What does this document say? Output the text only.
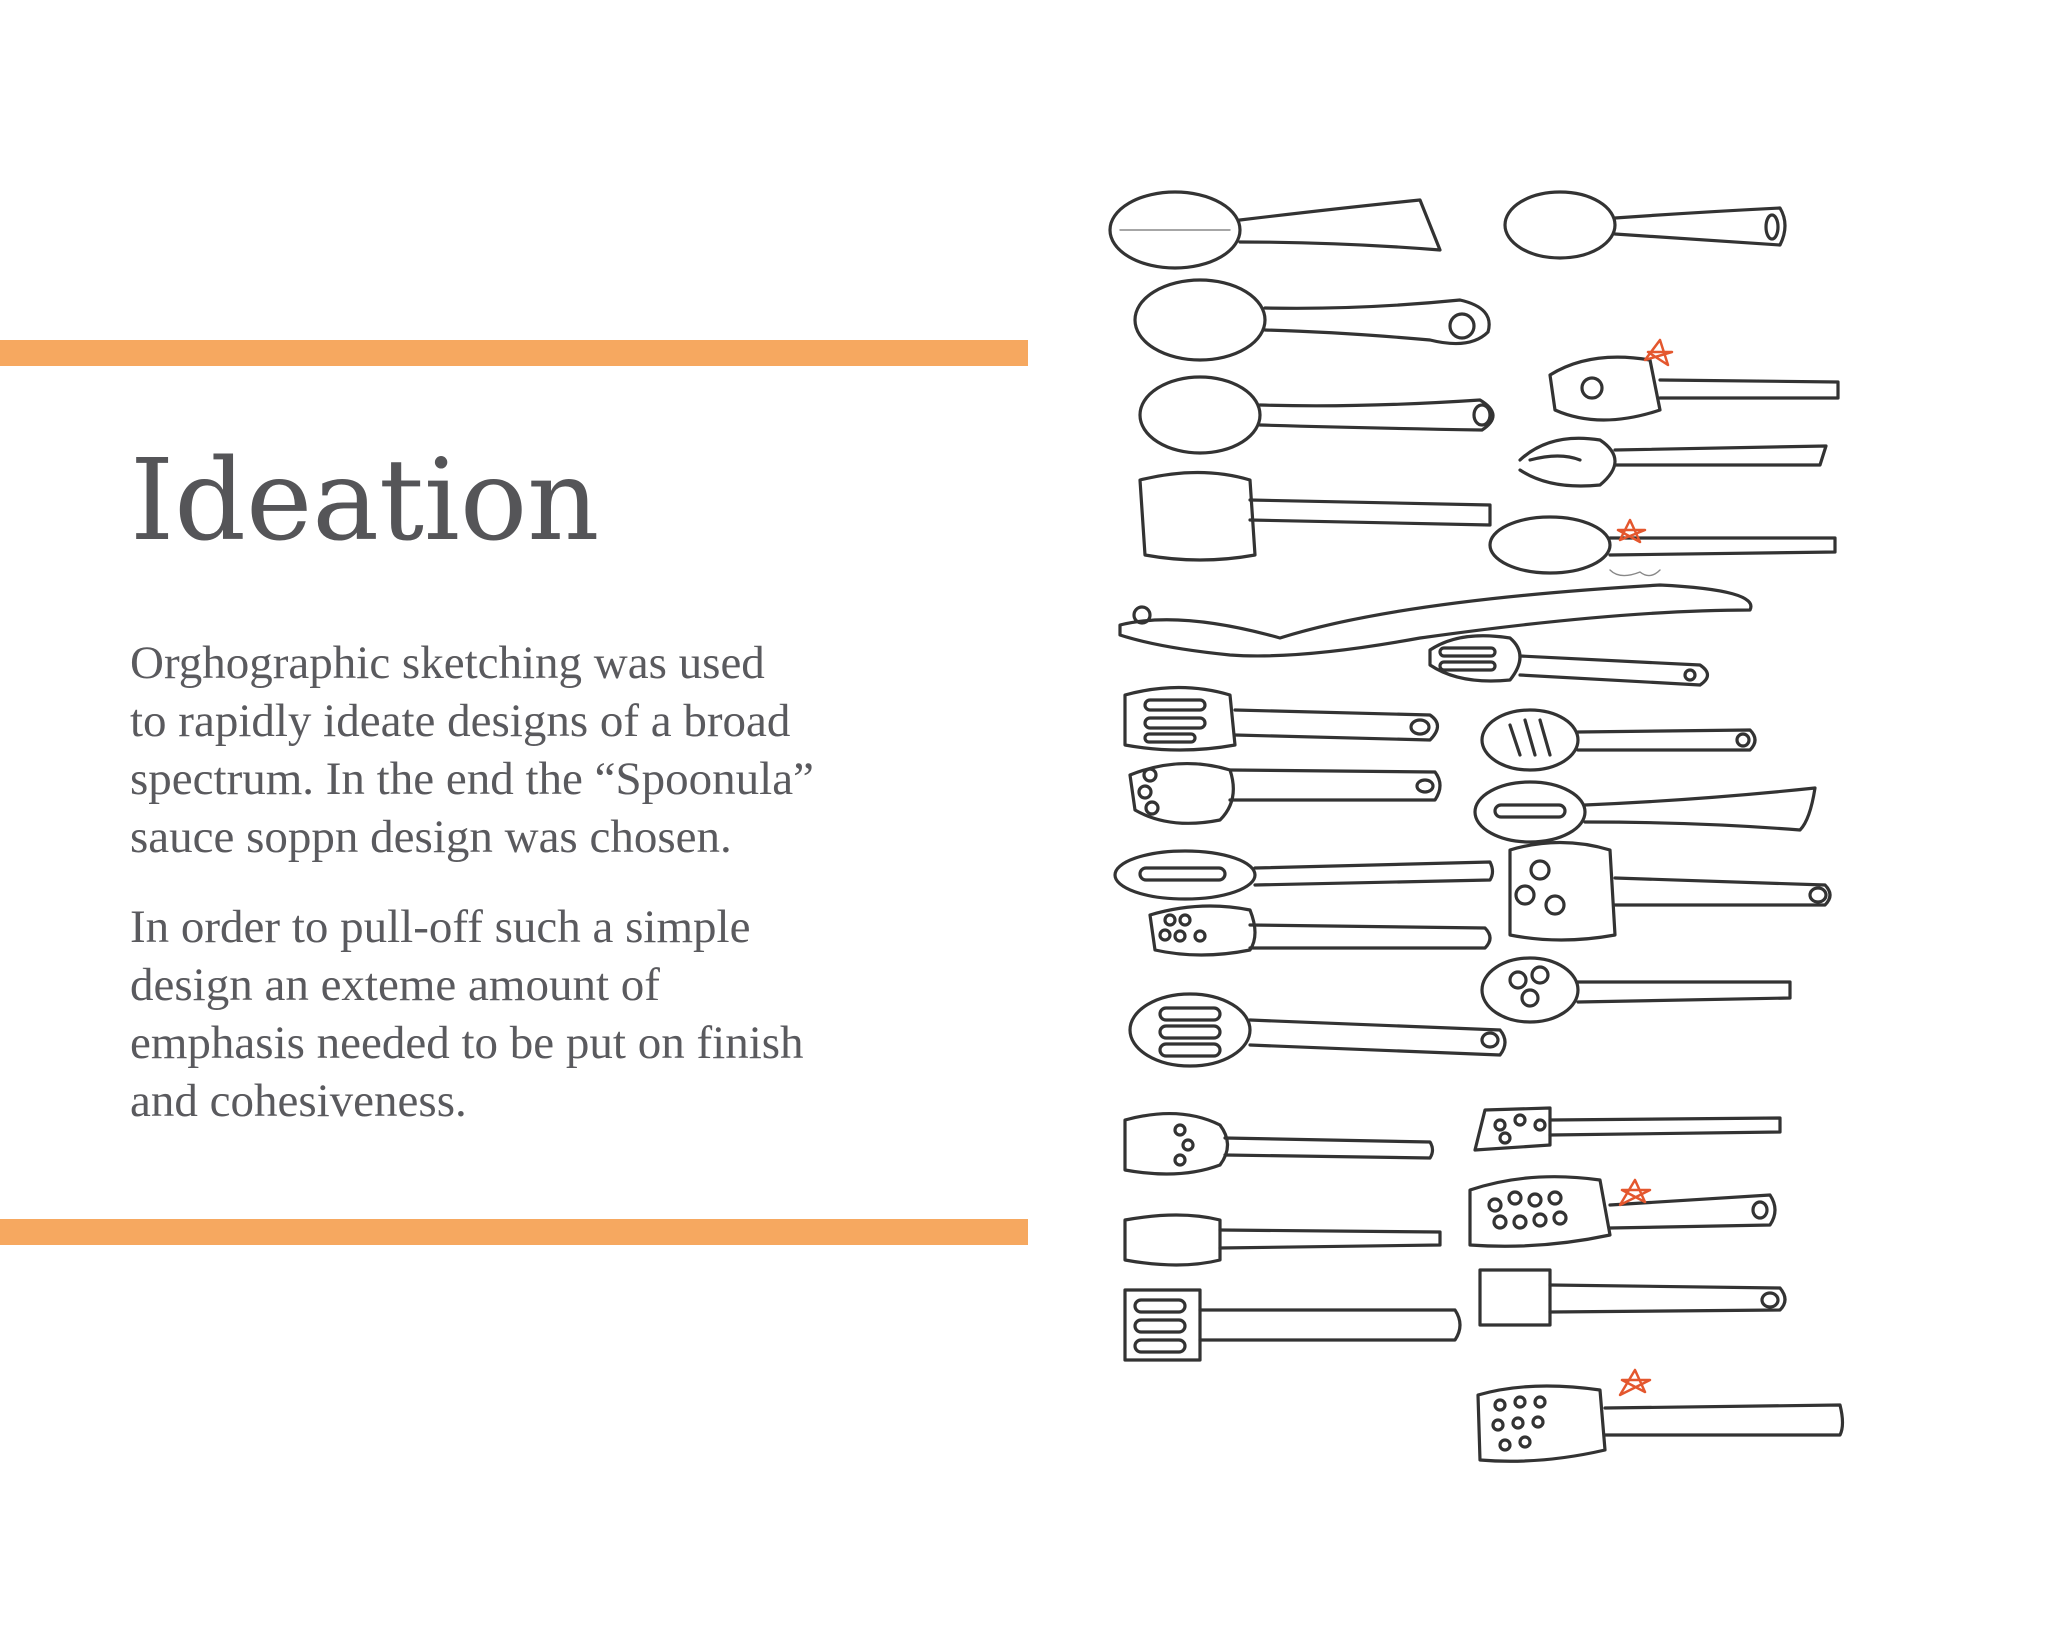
Ideation
Orghographic sketching was used
to rapidly ideate designs of a broad
spectrum. In the end the “Spoonula”
sauce soppn design was chosen.
In order to pull-off such a simple
design an exteme amount of
emphasis needed to be put on finish
and cohesiveness.
